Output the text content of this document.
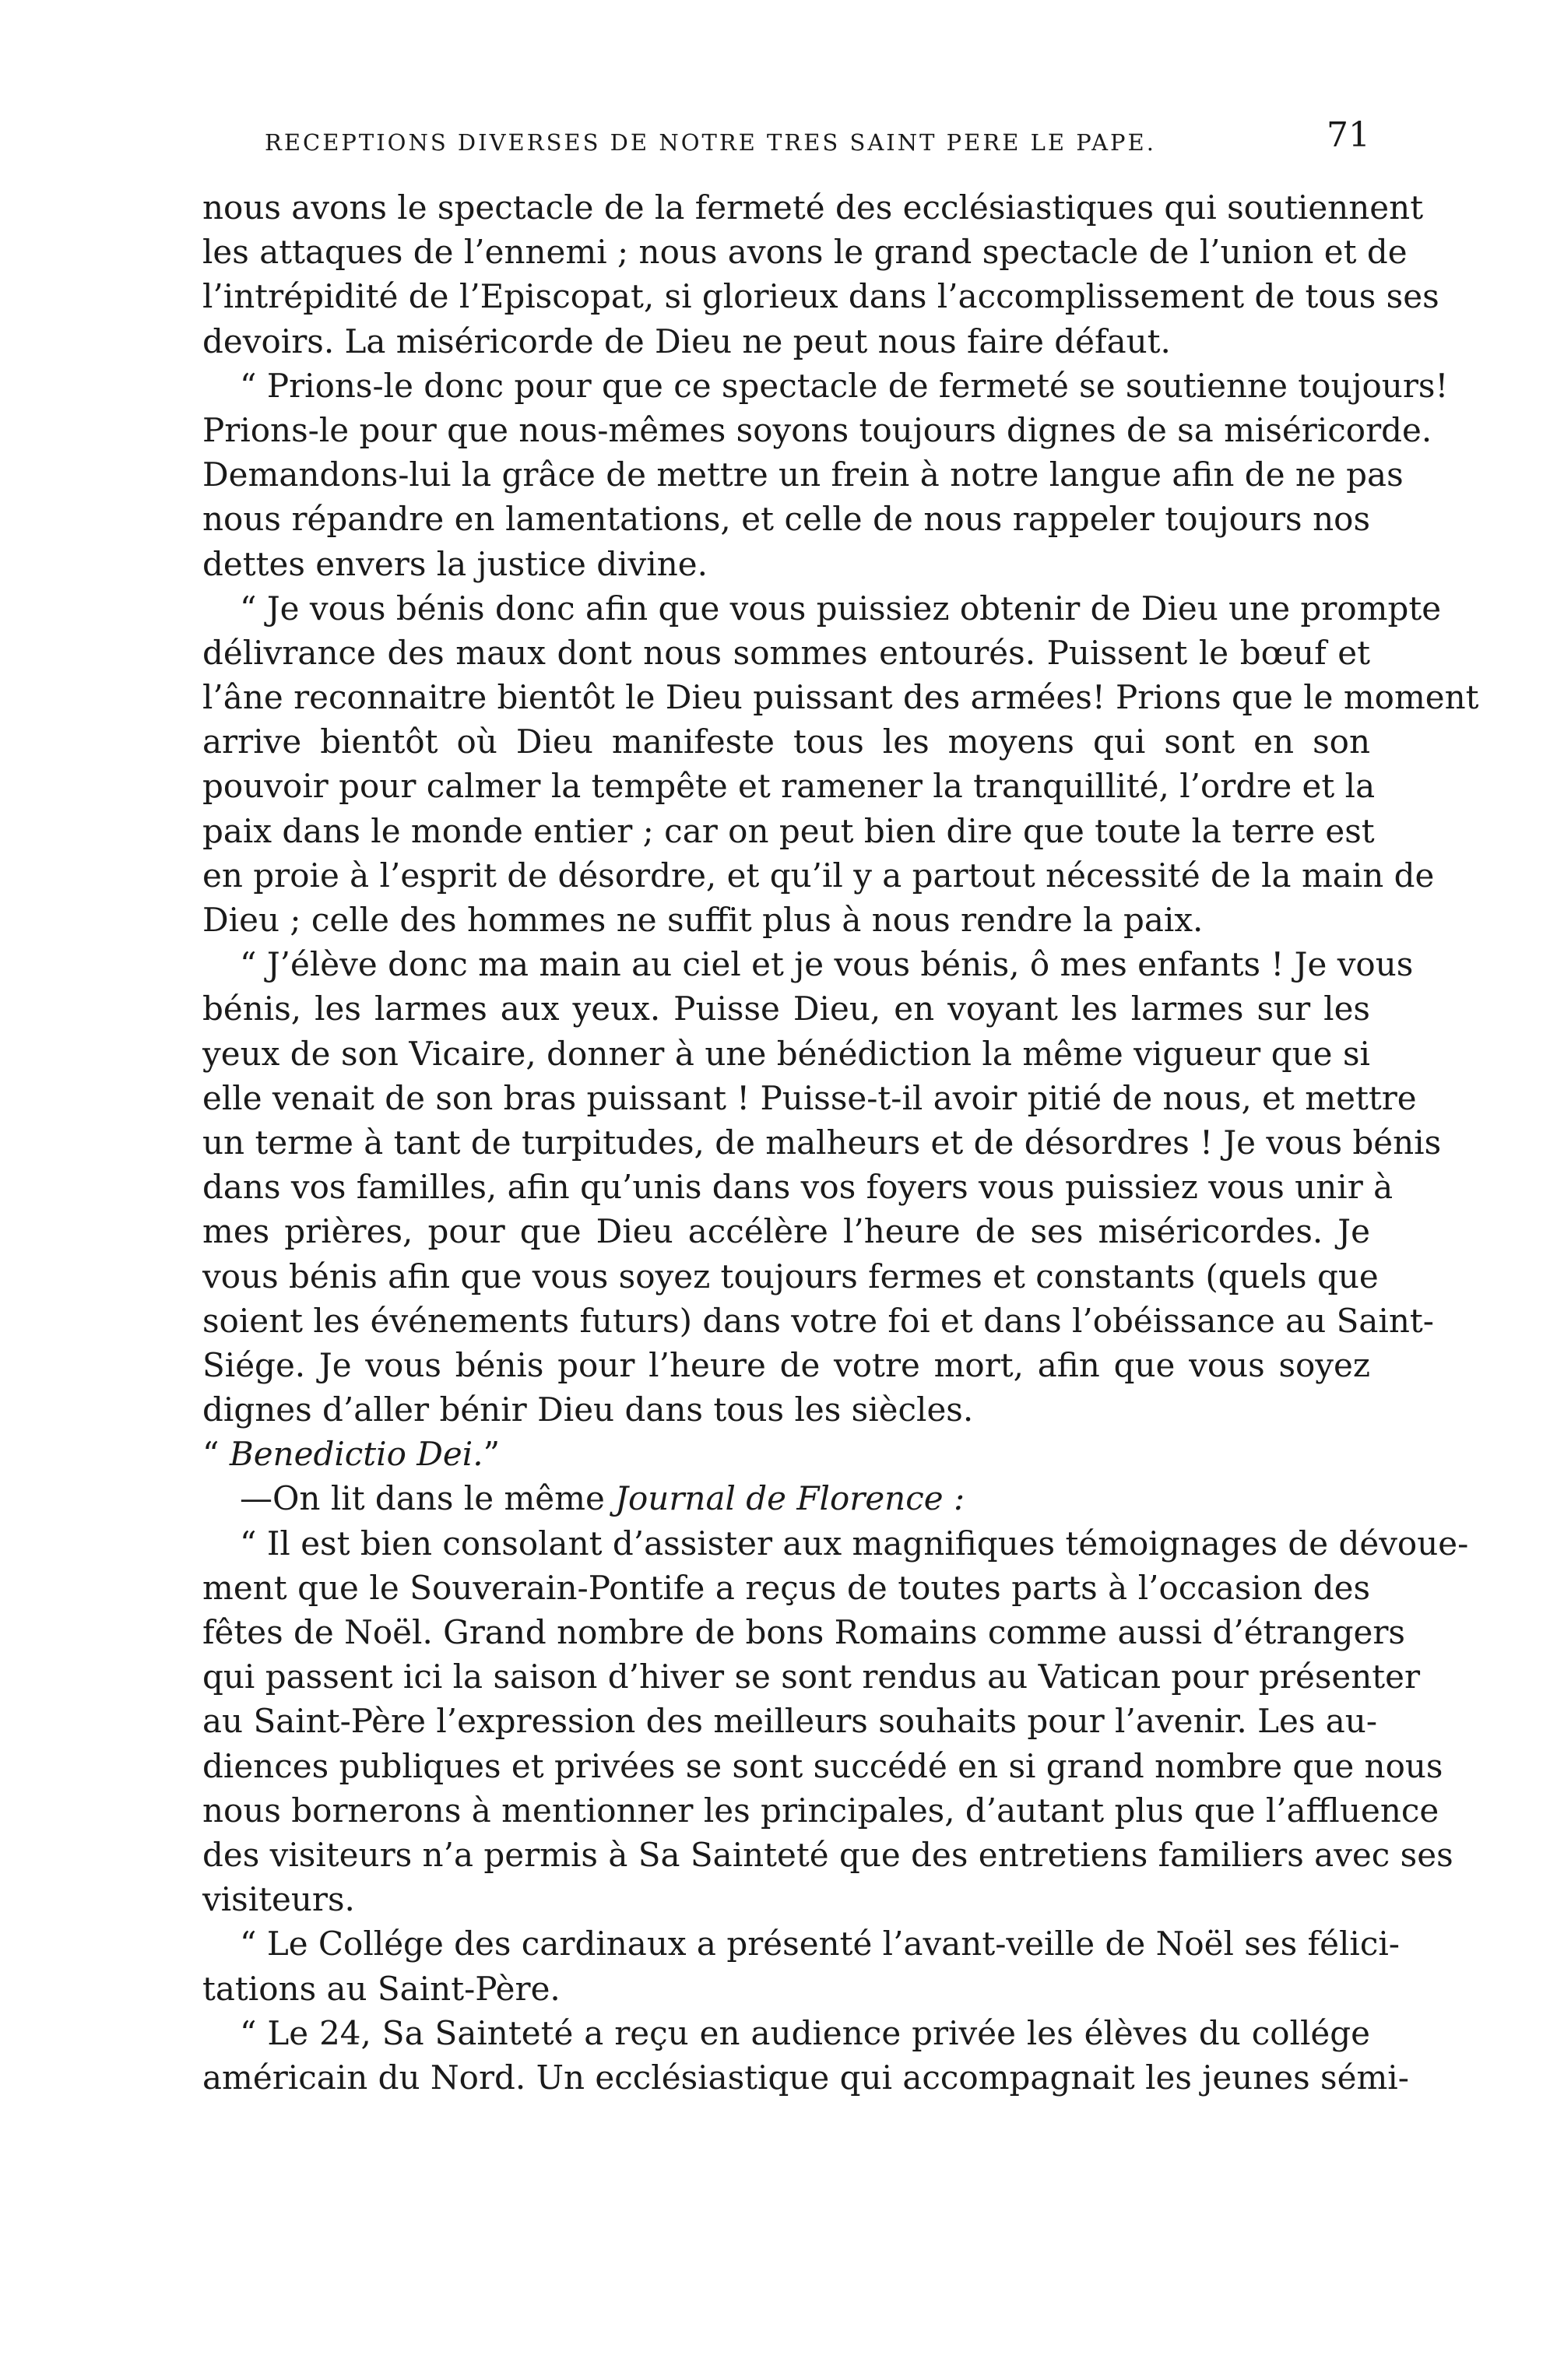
RECEPTIONS DIVERSES DE NOTRE TRES SAINT PERE LE PAPE.	71
nous avons le spectacle de la fermeté des ecclésiastiques qui soutiennent
les attaques de l’ennemi ; nous avons le grand spectacle de l’union et de
l’intrépidité de l’Episcopat, si glorieux dans l’accomplissement de tous ses
devoirs. La miséricorde de Dieu ne peut nous faire défaut.
“ Prions-le donc pour que ce spectacle de fermeté se soutienne toujours!
Prions-le pour que nous-mêmes soyons toujours dignes de sa miséricorde.
Demandons-lui la grâce de mettre un frein à notre langue afin de ne pas
nous répandre en lamentations, et celle de nous rappeler toujours nos
dettes envers la justice divine.
“ Je vous bénis donc afin que vous puissiez obtenir de Dieu une prompte
délivrance des maux dont nous sommes entourés. Puissent le bœuf et
l’âne reconnaitre bientôt le Dieu puissant des armées! Prions que le moment
arrive bientôt où Dieu manifeste tous les moyens qui sont en son
pouvoir pour calmer la tempête et ramener la tranquillité, l’ordre et la
paix dans le monde entier ; car on peut bien dire que toute la terre est
en proie à l’esprit de désordre, et qu’il y a partout nécessité de la main de
Dieu ; celle des hommes ne suffit plus à nous rendre la paix.
“ J’élève donc ma main au ciel et je vous bénis, ô mes enfants ! Je vous
bénis, les larmes aux yeux. Puisse Dieu, en voyant les larmes sur les
yeux de son Vicaire, donner à une bénédiction la même vigueur que si
elle venait de son bras puissant ! Puisse-t-il avoir pitié de nous, et mettre
un terme à tant de turpitudes, de malheurs et de désordres ! Je vous bénis
dans vos familles, afin qu’unis dans vos foyers vous puissiez vous unir à
mes prières, pour que Dieu accélère l’heure de ses miséricordes. Je
vous bénis afin que vous soyez toujours fermes et constants (quels que
soient les événements futurs) dans votre foi et dans l’obéissance au Saint-
Siége. Je vous bénis pour l’heure de votre mort, afin que vous soyez
dignes d’aller bénir Dieu dans tous les siècles.
“ Benedictio Dei.”
—On lit dans le même Journal de Florence :
“ Il est bien consolant d’assister aux magnifiques témoignages de dévoue-
ment que le Souverain-Pontife a reçus de toutes parts à l’occasion des
fêtes de Noël. Grand nombre de bons Romains comme aussi d’étrangers
qui passent ici la saison d’hiver se sont rendus au Vatican pour présenter
au Saint-Père l’expression des meilleurs souhaits pour l’avenir. Les au-
diences publiques et privées se sont succédé en si grand nombre que nous
nous bornerons à mentionner les principales, d’autant plus que l’affluence
des visiteurs n’a permis à Sa Sainteté que des entretiens familiers avec ses
visiteurs.
“ Le Collége des cardinaux a présenté l’avant-veille de Noël ses félici-
tations au Saint-Père.
“ Le 24, Sa Sainteté a reçu en audience privée les élèves du collége
américain du Nord. Un ecclésiastique qui accompagnait les jeunes sémi-
